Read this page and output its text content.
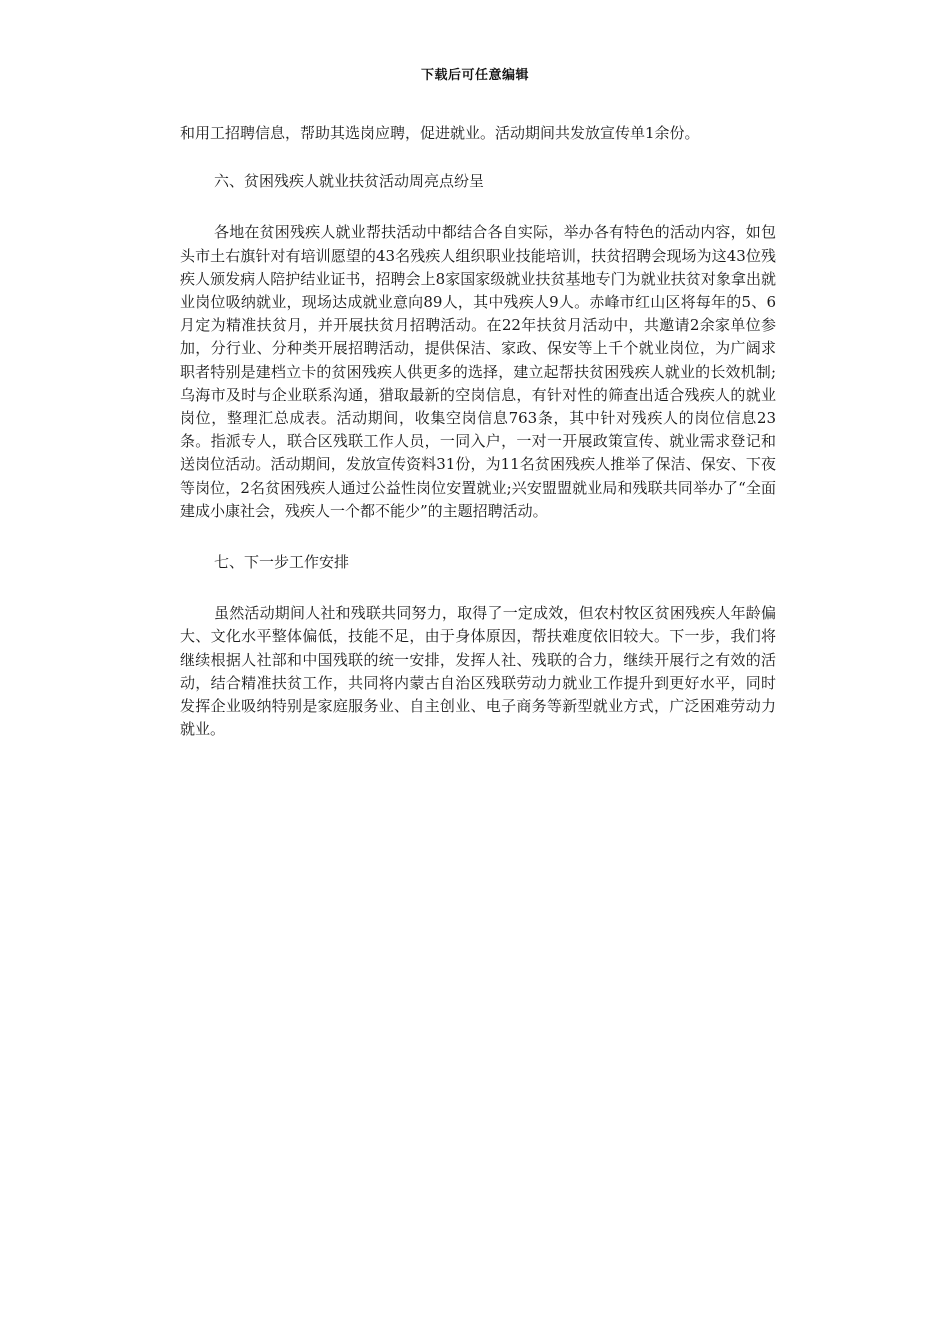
下载后可任意编辑

和用工招聘信息，帮助其选岗应聘，促进就业。活动期间共发放宣传单1余份。

六、贫困残疾人就业扶贫活动周亮点纷呈

各地在贫困残疾人就业帮扶活动中都结合各自实际，举办各有特色的活动内容，如包头市土右旗针对有培训愿望的43名残疾人组织职业技能培训，扶贫招聘会现场为这43位残疾人颁发病人陪护结业证书，招聘会上8家国家级就业扶贫基地专门为就业扶贫对象拿出就业岗位吸纳就业，现场达成就业意向89人，其中残疾人9人。赤峰市红山区将每年的5、6月定为精准扶贫月，并开展扶贫月招聘活动。在22年扶贫月活动中，共邀请2余家单位参加，分行业、分种类开展招聘活动，提供保洁、家政、保安等上千个就业岗位，为广阔求职者特别是建档立卡的贫困残疾人供更多的选择，建立起帮扶贫困残疾人就业的长效机制;乌海市及时与企业联系沟通，猎取最新的空岗信息，有针对性的筛查出适合残疾人的就业岗位，整理汇总成表。活动期间，收集空岗信息763条，其中针对残疾人的岗位信息23条。指派专人，联合区残联工作人员，一同入户，一对一开展政策宣传、就业需求登记和送岗位活动。活动期间，发放宣传资料31份，为11名贫困残疾人推举了保洁、保安、下夜等岗位，2名贫困残疾人通过公益性岗位安置就业;兴安盟盟就业局和残联共同举办了“全面建成小康社会，残疾人一个都不能少”的主题招聘活动。

七、下一步工作安排

虽然活动期间人社和残联共同努力，取得了一定成效，但农村牧区贫困残疾人年龄偏大、文化水平整体偏低，技能不足，由于身体原因，帮扶难度依旧较大。下一步，我们将继续根据人社部和中国残联的统一安排，发挥人社、残联的合力，继续开展行之有效的活动，结合精准扶贫工作，共同将内蒙古自治区残联劳动力就业工作提升到更好水平，同时发挥企业吸纳特别是家庭服务业、自主创业、电子商务等新型就业方式，广泛困难劳动力就业。
